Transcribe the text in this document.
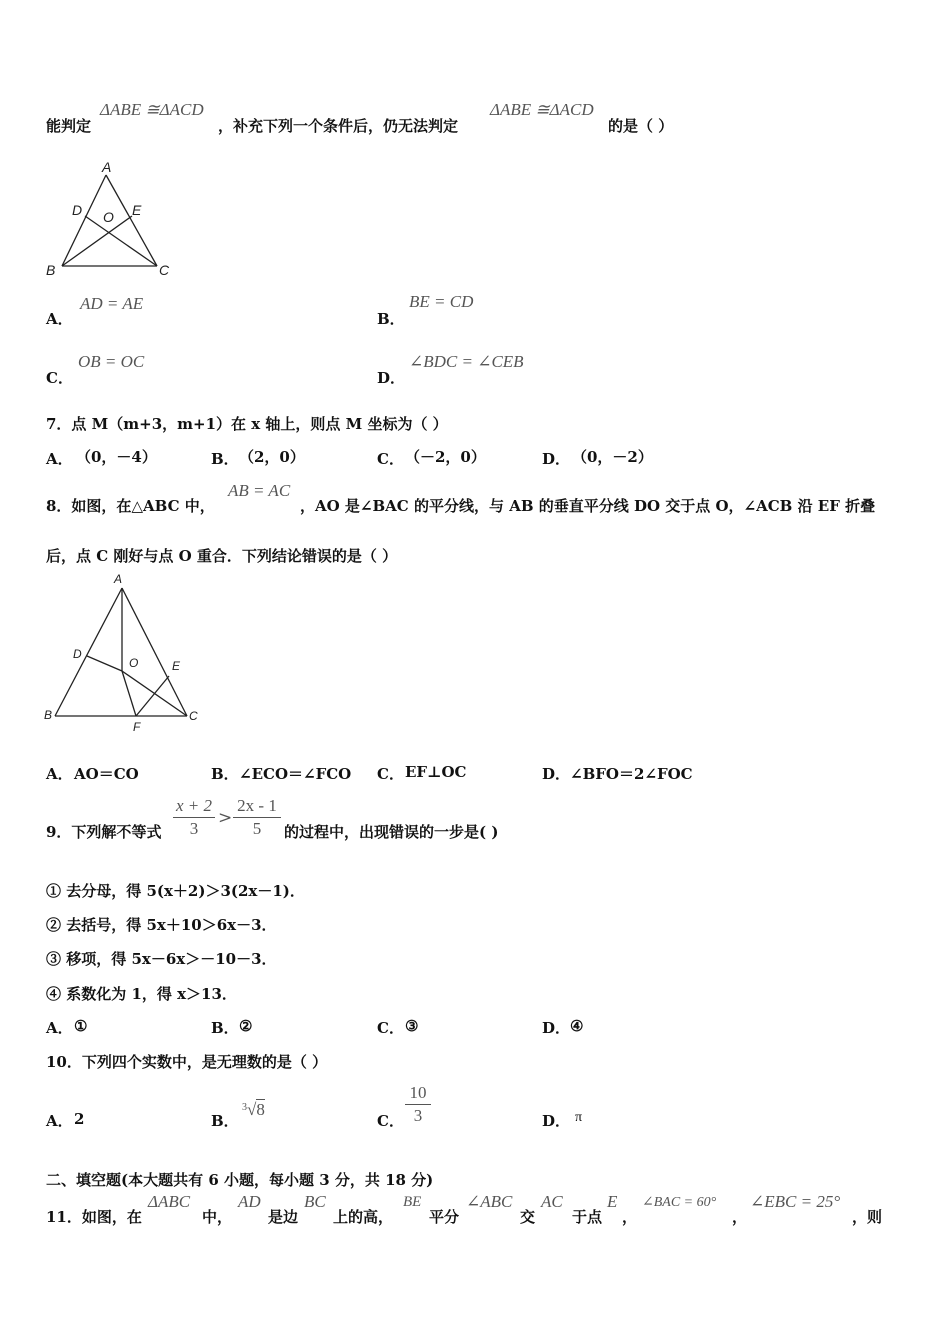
能判定
ΔABE ≅ΔACD
，补充下列一个条件后，仍无法判定
ΔABE ≅ΔACD
的是（ ）
A
B	C
D	E
O
A．
AD = AE
B．
BE = CD
C．
OB = OC
D．
∠BDC = ∠CEB
7．点 M（m+3，m+1）在 x 轴上，则点 M 坐标为（ ）
A． （0，－4）	B． （2，0）	C． （－2，0）	D． （0，－2）
8．如图，在△ABC 中，
AB = AC
，AO 是∠BAC 的平分线，与 AB 的垂直平分线 DO 交于点 O，∠ACB 沿 EF 折叠
后，点 C 刚好与点 O 重合．下列结论错误的是（ ）
A
B	C
D
E
O
F
A． AO＝CO	B． ∠ECO＝∠FCO C． EF⊥OC	D． ∠BFO＝2∠FOC
9．下列解不等式
x + 2
3
>
2x - 1
5	的过程中，出现错误的一步是( )
① 去分母，得 5(x＋2)＞3(2x－1)．
② 去括号，得 5x＋10＞6x－3．
③ 移项，得 5x－6x＞－10－3．
④ 系数化为 1，得 x＞13．
A． ①	B． ②	C． ③	D． ④
10．下列四个实数中，是无理数的是（ ）
A． 2	B．
$^3$√8
C．
10
3	D． π
二、填空题(本大题共有 6 小题，每小题 3 分，共 18 分)
11．如图，在
ΔABC
中，
AD
是边
BC
上的高，
BE
平分
∠ABC
交
AC
于点
E
，
∠BAC = 60°
，
∠EBC = 25°
，则
